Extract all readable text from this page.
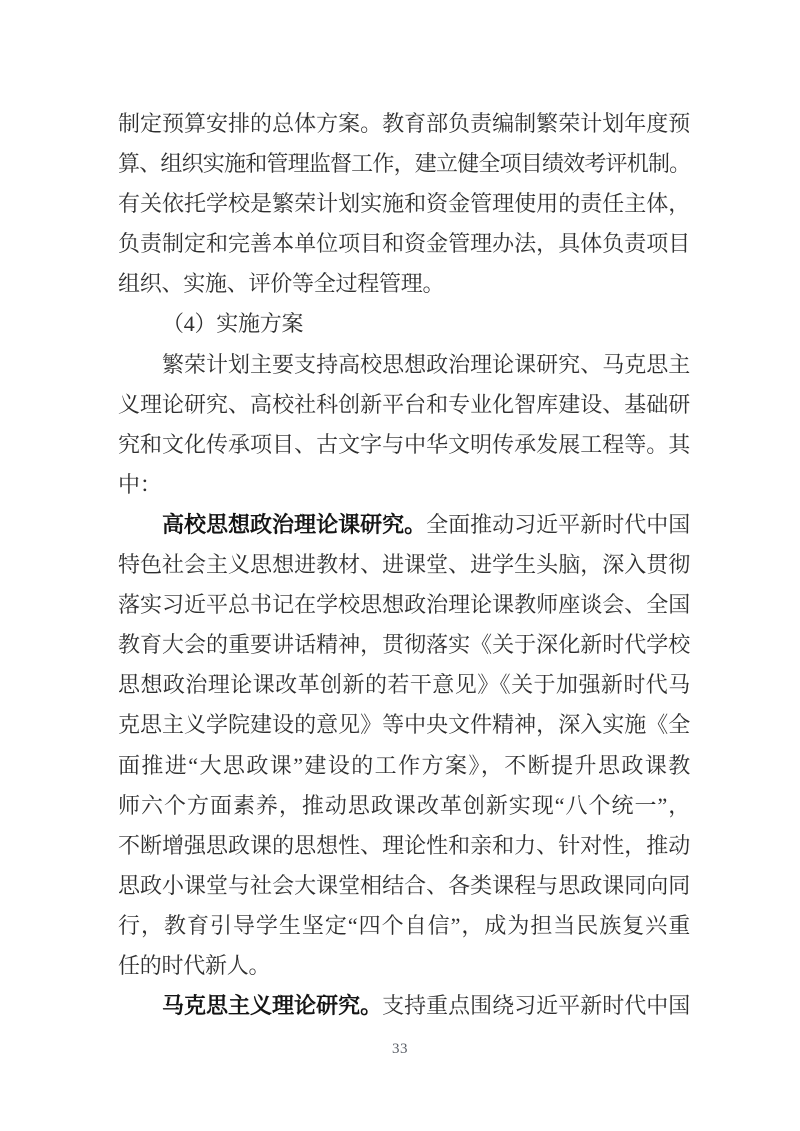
制定预算安排的总体方案。教育部负责编制繁荣计划年度预
算、组织实施和管理监督工作，建立健全项目绩效考评机制。
有关依托学校是繁荣计划实施和资金管理使用的责任主体，
负责制定和完善本单位项目和资金管理办法，具体负责项目
组织、实施、评价等全过程管理。
（4）实施方案
繁荣计划主要支持高校思想政治理论课研究、马克思主
义理论研究、高校社科创新平台和专业化智库建设、基础研
究和文化传承项目、古文字与中华文明传承发展工程等。其
中：
高校思想政治理论课研究。全面推动习近平新时代中国
特色社会主义思想进教材、进课堂、进学生头脑，深入贯彻
落实习近平总书记在学校思想政治理论课教师座谈会、全国
教育大会的重要讲话精神，贯彻落实《关于深化新时代学校
思想政治理论课改革创新的若干意见》《关于加强新时代马
克思主义学院建设的意见》等中央文件精神，深入实施《全
面推进“大思政课”建设的工作方案》，不断提升思政课教
师六个方面素养，推动思政课改革创新实现“八个统一”，
不断增强思政课的思想性、理论性和亲和力、针对性，推动
思政小课堂与社会大课堂相结合、各类课程与思政课同向同
行，教育引导学生坚定“四个自信”，成为担当民族复兴重
任的时代新人。
马克思主义理论研究。支持重点围绕习近平新时代中国
33
